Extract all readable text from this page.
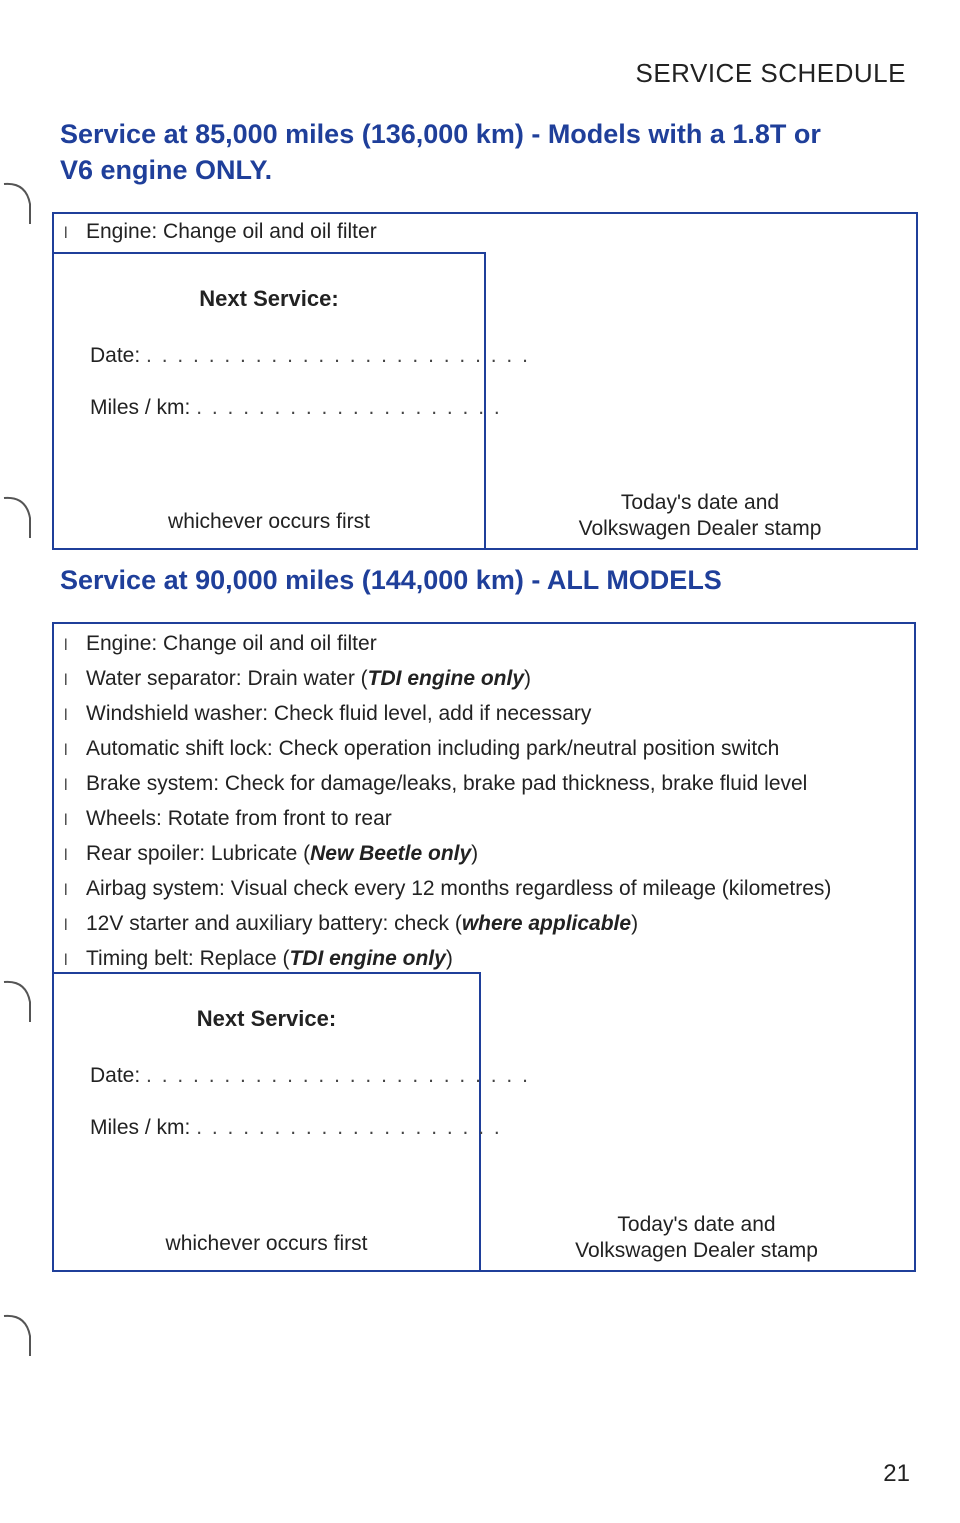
SERVICE SCHEDULE
Service at 85,000 miles (136,000 km) - Models with a 1.8T or
V6 engine ONLY.
l Engine: Change oil and oil filter
Next Service:
Date: . . . . . . . . . . . . . . . . . . . . . . . . .
Miles / km: . . . . . . . . . . . . . . . . . . . .
whichever occurs first
Today's date and
Volkswagen Dealer stamp
Service at 90,000 miles (144,000 km) - ALL MODELS
l Engine: Change oil and oil filter
l Water separator: Drain water (TDI engine only)
l Windshield washer: Check fluid level, add if necessary
l Automatic shift lock: Check operation including park/neutral position switch
l Brake system: Check for damage/leaks, brake pad thickness, brake fluid level
l Wheels: Rotate from front to rear
l Rear spoiler: Lubricate (New Beetle only)
l Airbag system: Visual check every 12 months regardless of mileage (kilometres)
l 12V starter and auxiliary battery: check (where applicable)
l Timing belt: Replace (TDI engine only)
Next Service:
Date: . . . . . . . . . . . . . . . . . . . . . . . . .
Miles / km: . . . . . . . . . . . . . . . . . . . .
whichever occurs first
Today's date and
Volkswagen Dealer stamp
21
